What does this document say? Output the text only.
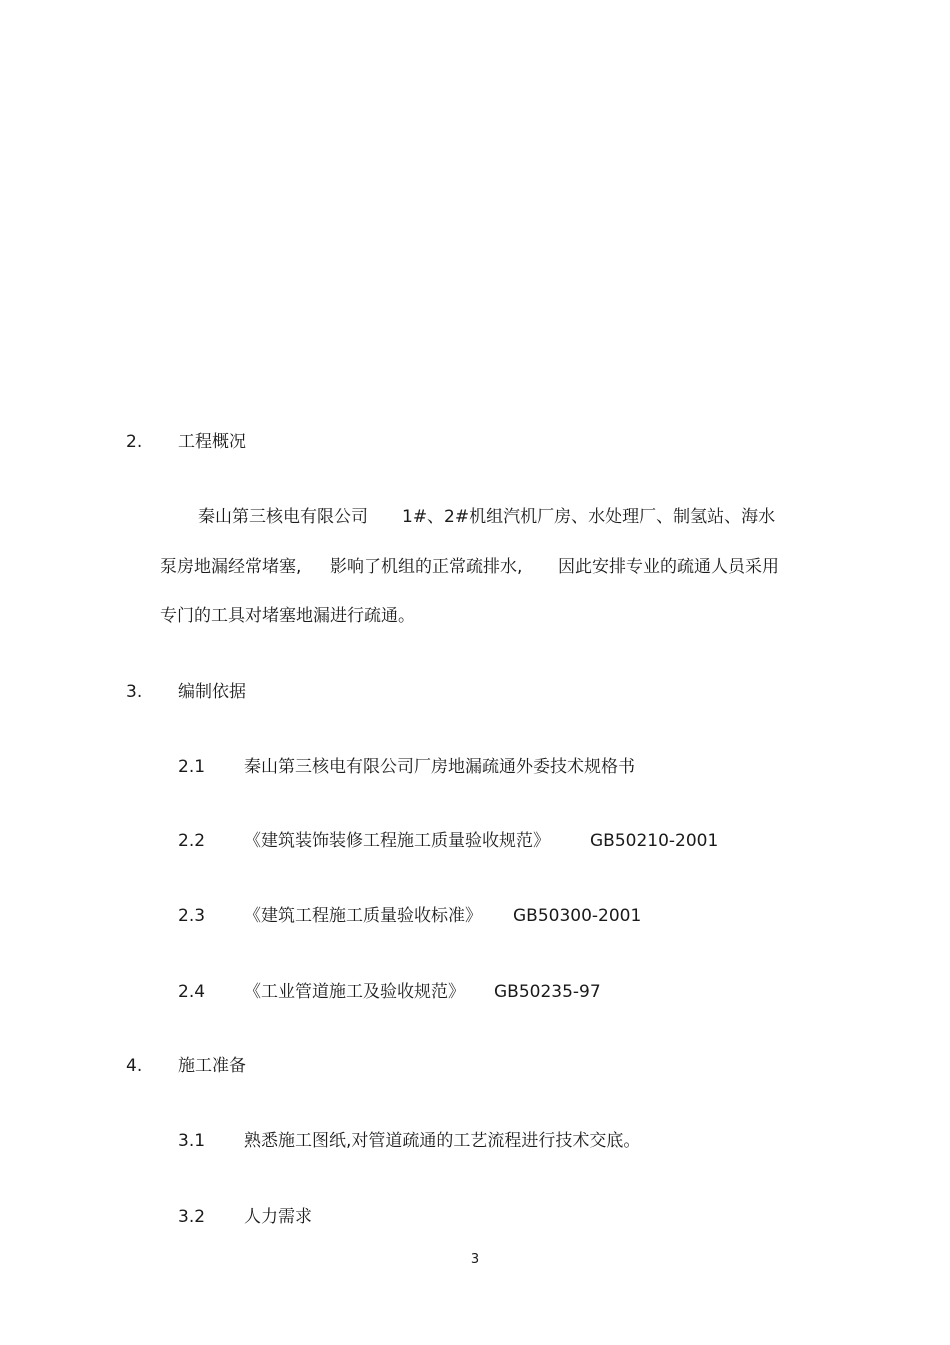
2. 工程概况
秦山第三核电有限公司 1#、2#机组汽机厂房、水处理厂、制氢站、海水
泵房地漏经常堵塞, 影响了机组的正常疏排水, 因此安排专业的疏通人员采用
专门的工具对堵塞地漏进行疏通。
3. 编制依据
2.1 秦山第三核电有限公司厂房地漏疏通外委技术规格书
2.2 《建筑装饰装修工程施工质量验收规范》 GB50210-2001
2.3 《建筑工程施工质量验收标准》 GB50300-2001
2.4 《工业管道施工及验收规范》 GB50235-97
4. 施工准备
3.1 熟悉施工图纸,对管道疏通的工艺流程进行技术交底。
3.2 人力需求
3
